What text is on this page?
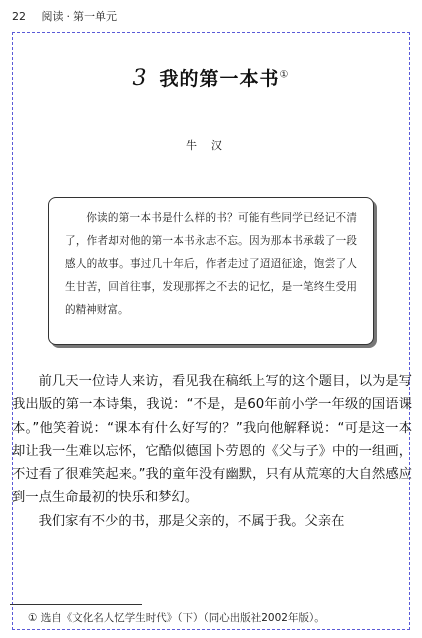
22 阅读 · 第一单元
3 我的第一本书①
牛汉
你读的第一本书是什么样的书？可能有些同学已经记不清了，作者却对他的第一本书永志不忘。因为那本书承载了一段感人的故事。事过几十年后，作者走过了迢迢征途，饱尝了人生甘苦，回首往事，发现那挥之不去的记忆，是一笔终生受用的精神财富。

前几天一位诗人来访，看见我在稿纸上写的这个题目，以为是写我出版的第一本诗集，我说：“不是，是60年前小学一年级的国语课本。”他笑着说：“课本有什么好写的？”我向他解释说：“可是这一本却让我一生难以忘怀，它酷似德国卜劳恩的《父与子》中的一组画，不过看了很难笑起来。”我的童年没有幽默，只有从荒寒的大自然感应到一点生命最初的快乐和梦幻。

我们家有不少的书，那是父亲的，不属于我。父亲在

① 选自《文化名人忆学生时代》（下）（同心出版社2002年版）。
